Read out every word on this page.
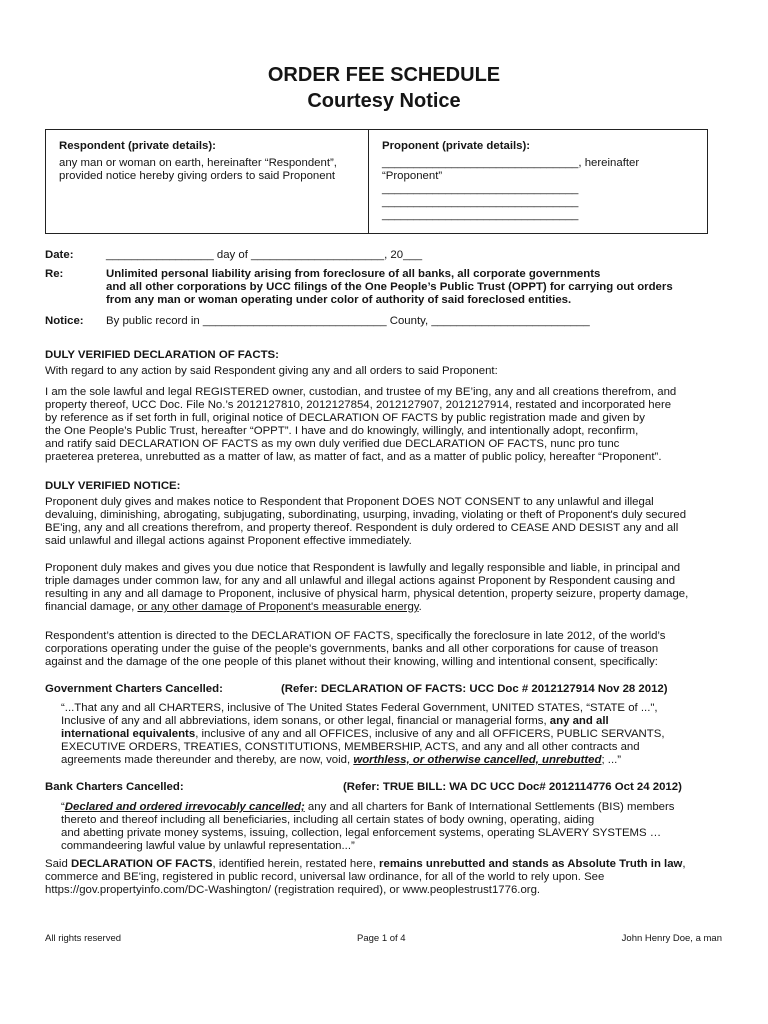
ORDER FEE SCHEDULE
Courtesy Notice
Respondent (private details):
any man or woman on earth, hereinafter “Respondent”,
provided notice hereby giving orders to said Proponent
Proponent (private details):
_______________________________, hereinafter
“Proponent”
_______________________________
_______________________________
_______________________________
Date:	_________________ day of _____________________, 20___
Re:	Unlimited personal liability arising from foreclosure of all banks, all corporate governments
and all other corporations by UCC filings of the One People’s Public Trust (OPPT) for carrying out orders
from any man or woman operating under color of authority of said foreclosed entities.
Notice: By public record in _____________________________ County, _________________________
DULY VERIFIED DECLARATION OF FACTS:
With regard to any action by said Respondent giving any and all orders to said Proponent:
I am the sole lawful and legal REGISTERED owner, custodian, and trustee of my BE’ing, any and all creations therefrom, and
property thereof, UCC Doc. File No.’s 2012127810, 2012127854, 2012127907, 2012127914, restated and incorporated here
by reference as if set forth in full, original notice of DECLARATION OF FACTS by public registration made and given by
the One People’s Public Trust, hereafter “OPPT”. I have and do knowingly, willingly, and intentionally adopt, reconfirm,
and ratify said DECLARATION OF FACTS as my own duly verified due DECLARATION OF FACTS, nunc pro tunc
praeterea preterea, unrebutted as a matter of law, as matter of fact, and as a matter of public policy, hereafter “Proponent”.
DULY VERIFIED NOTICE:
Proponent duly gives and makes notice to Respondent that Proponent DOES NOT CONSENT to any unlawful and illegal
devaluing, diminishing, abrogating, subjugating, subordinating, usurping, invading, violating or theft of Proponent's duly secured
BE'ing, any and all creations therefrom, and property thereof. Respondent is duly ordered to CEASE AND DESIST any and all
said unlawful and illegal actions against Proponent effective immediately.
Proponent duly makes and gives you due notice that Respondent is lawfully and legally responsible and liable, in principal and
triple damages under common law, for any and all unlawful and illegal actions against Proponent by Respondent causing and
resulting in any and all damage to Proponent, inclusive of physical harm, physical detention, property seizure, property damage,
financial damage, or any other damage of Proponent's measurable energy.
Respondent’s attention is directed to the DECLARATION OF FACTS, specifically the foreclosure in late 2012, of the world’s
corporations operating under the guise of the people's governments, banks and all other corporations for cause of treason
against and the damage of the one people of this planet without their knowing, willing and intentional consent, specifically:
Government Charters Cancelled:	(Refer: DECLARATION OF FACTS: UCC Doc # 2012127914 Nov 28 2012)
“...That any and all CHARTERS, inclusive of The United States Federal Government, UNITED STATES, “STATE of ...",
Inclusive of any and all abbreviations, idem sonans, or other legal, financial or managerial forms, any and all
international equivalents, inclusive of any and all OFFICES, inclusive of any and all OFFICERS, PUBLIC SERVANTS,
EXECUTIVE ORDERS, TREATIES, CONSTITUTIONS, MEMBERSHIP, ACTS, and any and all other contracts and
agreements made thereunder and thereby, are now, void, worthless, or otherwise cancelled, unrebutted; ...”
Bank Charters Cancelled:	(Refer: TRUE BILL: WA DC UCC Doc# 2012114776 Oct 24 2012)
“Declared and ordered irrevocably cancelled; any and all charters for Bank of International Settlements (BIS) members
thereto and thereof including all beneficiaries, including all certain states of body owning, operating, aiding
and abetting private money systems, issuing, collection, legal enforcement systems, operating SLAVERY SYSTEMS …
commandeering lawful value by unlawful representation...”
Said DECLARATION OF FACTS, identified herein, restated here, remains unrebutted and stands as Absolute Truth in law,
commerce and BE'ing, registered in public record, universal law ordinance, for all of the world to rely upon. See
https://gov.propertyinfo.com/DC-Washington/ (registration required), or www.peoplestrust1776.org.
All rights reserved	Page 1 of 4	John Henry Doe, a man
